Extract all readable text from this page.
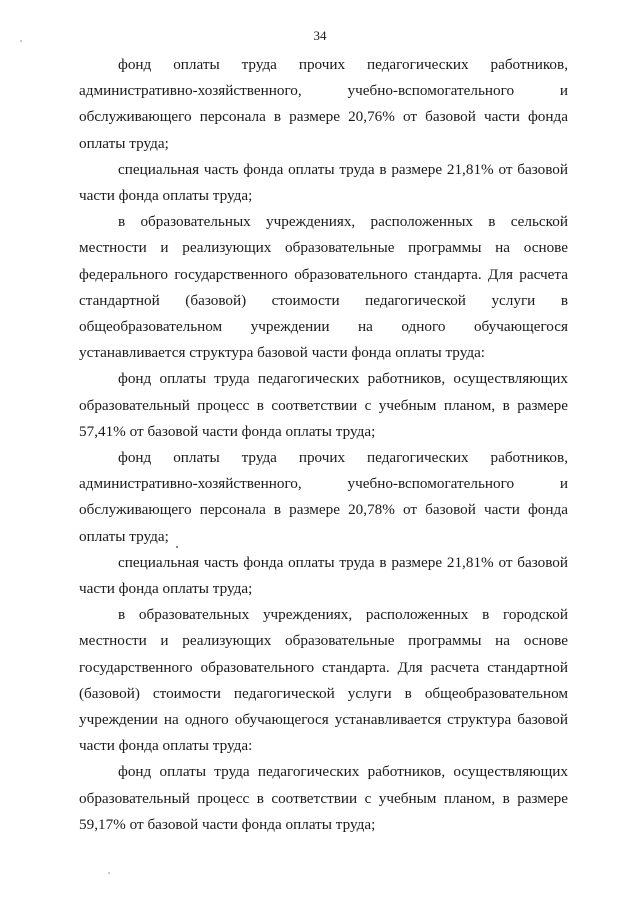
34

фонд оплаты труда прочих педагогических работников, административно-хозяйственного, учебно-вспомогательного и обслуживающего персонала в размере 20,76% от базовой части фонда оплаты труда;

специальная часть фонда оплаты труда в размере 21,81% от базовой части фонда оплаты труда;

в образовательных учреждениях, расположенных в сельской местности и реализующих образовательные программы на основе федерального государственного образовательного стандарта. Для расчета стандартной (базовой) стоимости педагогической услуги в общеобразовательном учреждении на одного обучающегося устанавливается структура базовой части фонда оплаты труда:

фонд оплаты труда педагогических работников, осуществляющих образовательный процесс в соответствии с учебным планом, в размере 57,41% от базовой части фонда оплаты труда;

фонд оплаты труда прочих педагогических работников, административно-хозяйственного, учебно-вспомогательного и обслуживающего персонала в размере 20,78% от базовой части фонда оплаты труда;

специальная часть фонда оплаты труда в размере 21,81% от базовой части фонда оплаты труда;

в образовательных учреждениях, расположенных в городской местности и реализующих образовательные программы на основе государственного образовательного стандарта. Для расчета стандартной (базовой) стоимости педагогической услуги в общеобразовательном учреждении на одного обучающегося устанавливается структура базовой части фонда оплаты труда:

фонд оплаты труда педагогических работников, осуществляющих образовательный процесс в соответствии с учебным планом, в размере 59,17% от базовой части фонда оплаты труда;
